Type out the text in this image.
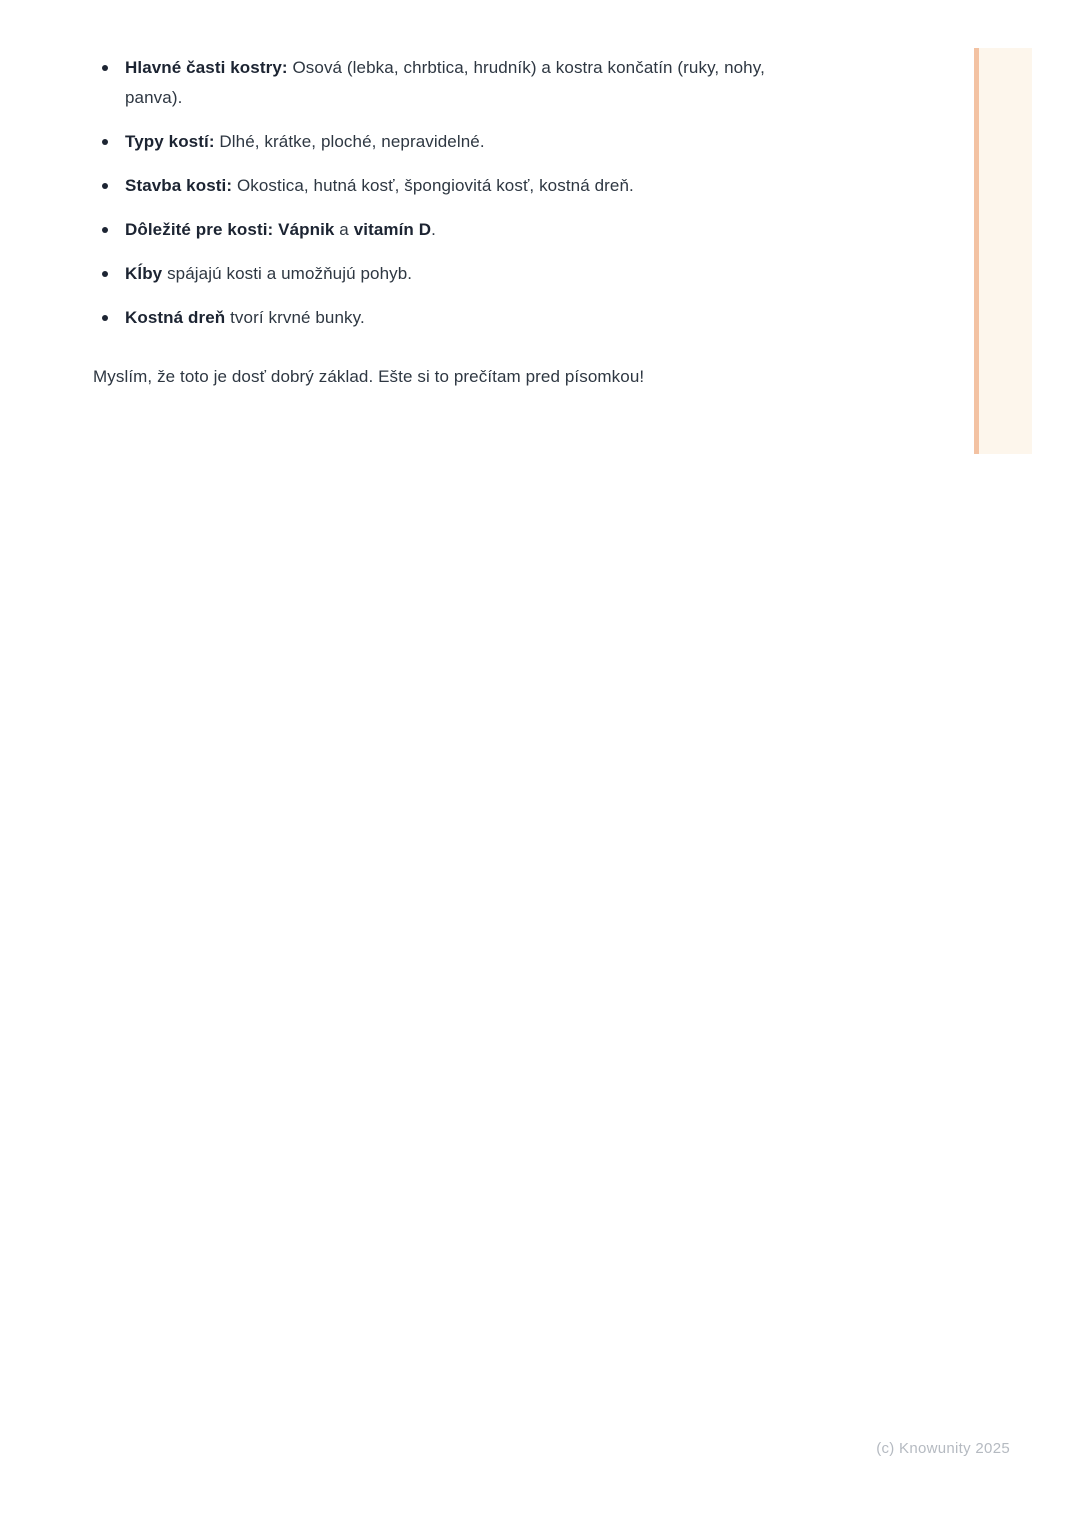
Hlavné časti kostry: Osová (lebka, chrbtica, hrudník) a kostra končatín (ruky, nohy, panva).
Typy kostí: Dlhé, krátke, ploché, nepravidelné.
Stavba kosti: Okostica, hutná kosť, špongiovitá kosť, kostná dreň.
Dôležité pre kosti: Vápnik a vitamín D.
Kĺby spájajú kosti a umožňujú pohyb.
Kostná dreň tvorí krvné bunky.

Myslím, že toto je dosť dobrý základ. Ešte si to prečítam pred písomkou!

(c) Knowunity 2025
